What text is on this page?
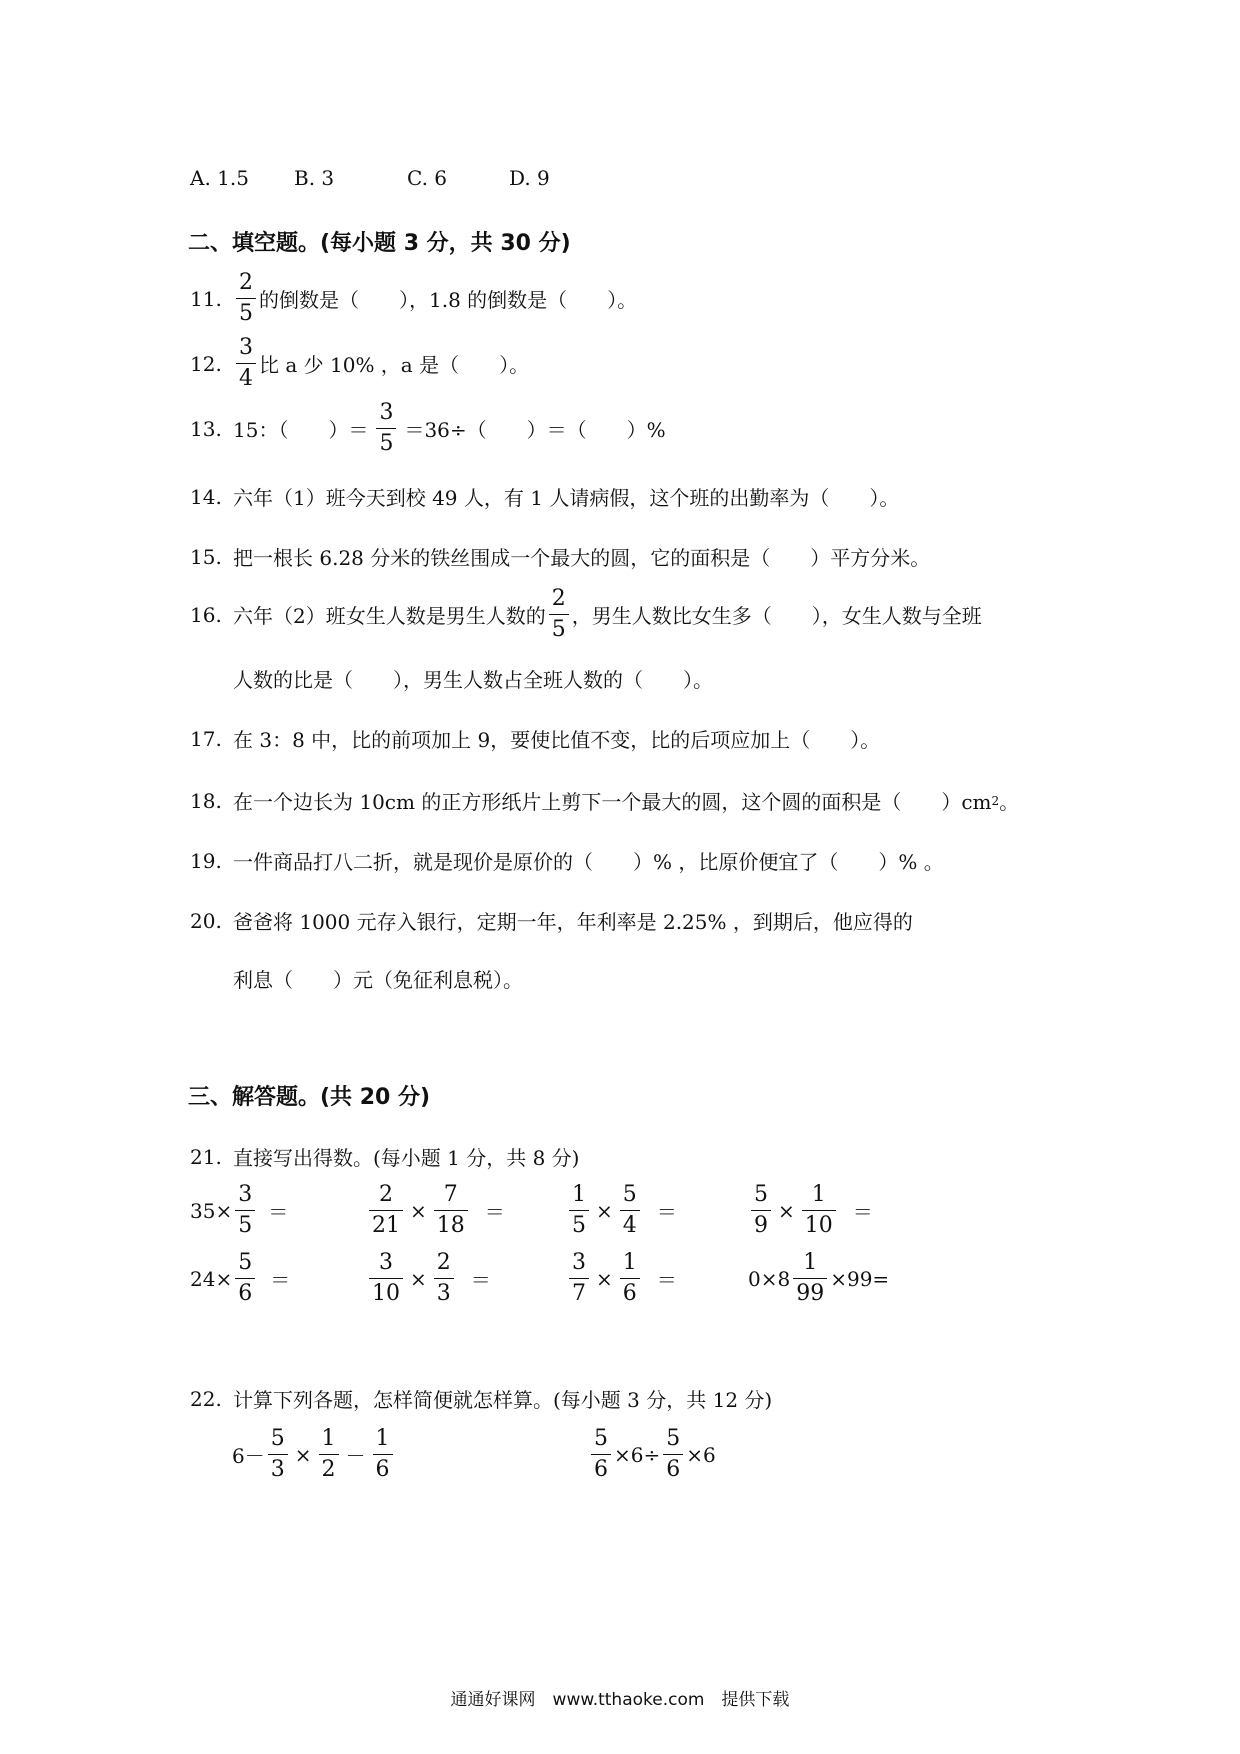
A. 1.5	B. 3	C. 6	D. 9
二、填空题。(每小题 3 分，共 30 分)
11. $\frac{2}{5}$ 的倒数是（　　），1.8 的倒数是（　　）。
12. $\frac{3}{4}$ 比 a 少 10% ，a 是（　　）。
13. 15：（　　）＝ $\frac{3}{5} =36\div$（　　）＝（　　）%
14. 六年（1）班今天到校 49 人，有 1 人请病假，这个班的出勤率为（　　）。
15. 把一根长 6.28 分米的铁丝围成一个最大的圆，它的面积是（　　）平方分米。
16. 六年（2）班女生人数是男生人数的 $\frac{2}{5}$ ，男生人数比女生多（　　），女生人数与全班
人数的比是（　　），男生人数占全班人数的（　　）。
17. 在 3：8 中，比的前项加上 9，要使比值不变，比的后项应加上（　　）。
18. 在一个边长为 10cm 的正方形纸片上剪下一个最大的圆，这个圆的面积是（　　）cm 2 。
19. 一件商品打八二折，就是现价是原价的（　　）% ，比原价便宜了（　　）% 。
20. 爸爸将 1000 元存入银行，定期一年，年利率是 2.25% ，到期后，他应得的
利息（　　）元（免征利息税）。
三、解答题。(共 20 分)
21. 直接写出得数。(每小题 1 分，共 8 分)
$35\times \frac{3}{5}$ ＝	$\frac{2}{21} \times \frac{7}{18}$ ＝	$\frac{1}{5} \times \frac{5}{4}$ ＝	$\frac{5}{9} \times \frac{1}{10}$ ＝
$24\times \frac{5}{6}$ ＝	$\frac{3}{10} \times \frac{2}{3}$ ＝	$\frac{3}{7} \times \frac{1}{6}$ ＝	$0\times 8 \frac{1}{99} \times 99=$
22. 计算下列各题，怎样简便就怎样算。(每小题 3 分，共 12 分)
$6- \frac{5}{3} \times \frac{1}{2} - \frac{1}{6}$	$\frac{5}{6} \times 6\div \frac{5}{6} \times 6$
通通好课网　www.tthaoke.com　提供下载
